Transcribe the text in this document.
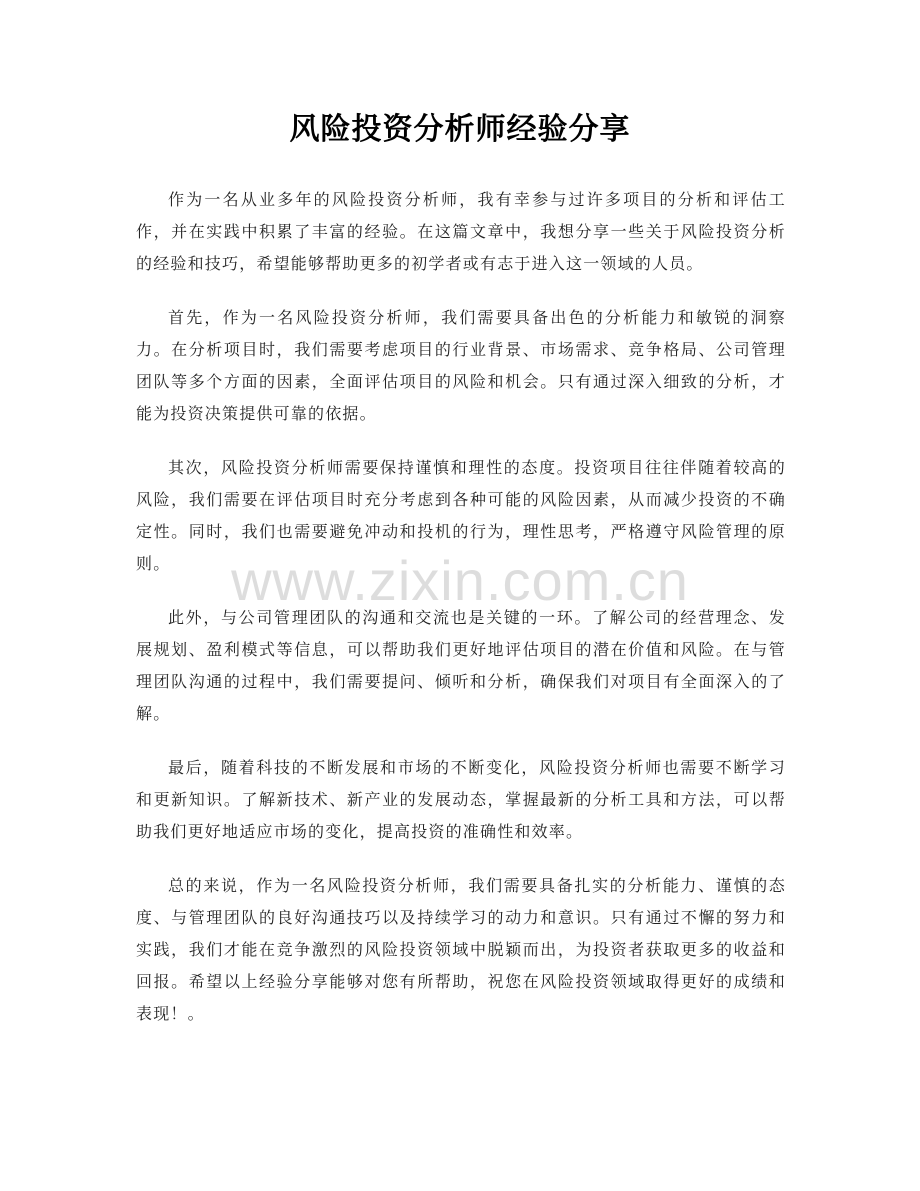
风险投资分析师经验分享

作为一名从业多年的风险投资分析师，我有幸参与过许多项目的分析和评估工作，并在实践中积累了丰富的经验。在这篇文章中，我想分享一些关于风险投资分析的经验和技巧，希望能够帮助更多的初学者或有志于进入这一领域的人员。

首先，作为一名风险投资分析师，我们需要具备出色的分析能力和敏锐的洞察力。在分析项目时，我们需要考虑项目的行业背景、市场需求、竞争格局、公司管理团队等多个方面的因素，全面评估项目的风险和机会。只有通过深入细致的分析，才能为投资决策提供可靠的依据。

其次，风险投资分析师需要保持谨慎和理性的态度。投资项目往往伴随着较高的风险，我们需要在评估项目时充分考虑到各种可能的风险因素，从而减少投资的不确定性。同时，我们也需要避免冲动和投机的行为，理性思考，严格遵守风险管理的原则。

此外，与公司管理团队的沟通和交流也是关键的一环。了解公司的经营理念、发展规划、盈利模式等信息，可以帮助我们更好地评估项目的潜在价值和风险。在与管理团队沟通的过程中，我们需要提问、倾听和分析，确保我们对项目有全面深入的了解。

最后，随着科技的不断发展和市场的不断变化，风险投资分析师也需要不断学习和更新知识。了解新技术、新产业的发展动态，掌握最新的分析工具和方法，可以帮助我们更好地适应市场的变化，提高投资的准确性和效率。

总的来说，作为一名风险投资分析师，我们需要具备扎实的分析能力、谨慎的态度、与管理团队的良好沟通技巧以及持续学习的动力和意识。只有通过不懈的努力和实践，我们才能在竞争激烈的风险投资领域中脱颖而出，为投资者获取更多的收益和回报。希望以上经验分享能够对您有所帮助，祝您在风险投资领域取得更好的成绩和表现！。

www.zixin.com.cn
